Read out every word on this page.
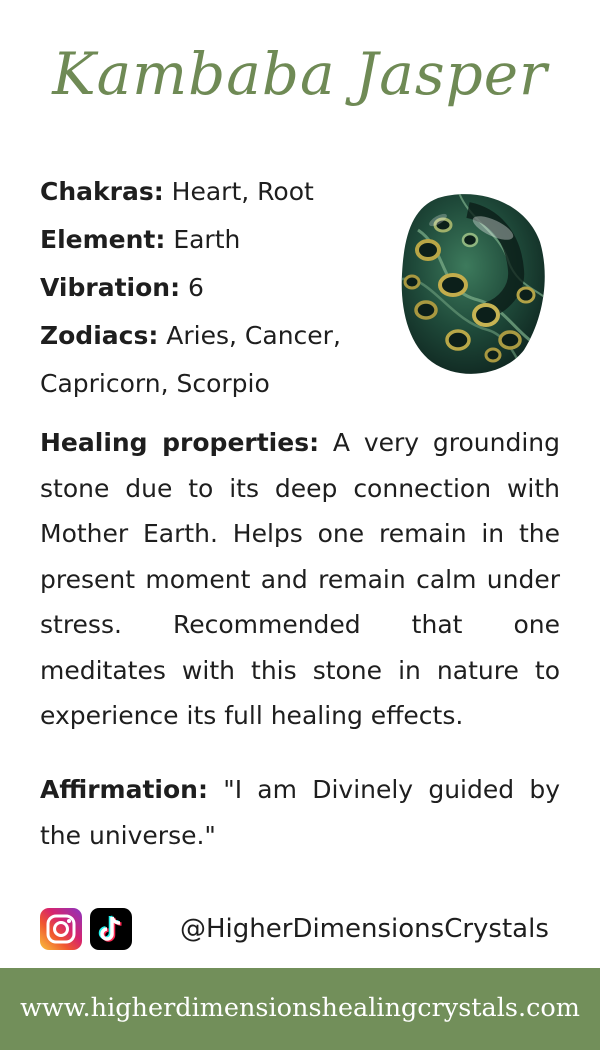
Kambaba Jasper
Chakras: Heart, Root
Element: Earth
Vibration: 6
Zodiacs: Aries, Cancer, Capricorn, Scorpio
Healing properties: A very grounding stone due to its deep connection with Mother Earth. Helps one remain in the present moment and remain calm under stress. Recommended that one meditates with this stone in nature to experience its full healing effects.
Affirmation: "I am Divinely guided by the universe."
@HigherDimensionsCrystals
www.higherdimensionshealingcrystals.com
